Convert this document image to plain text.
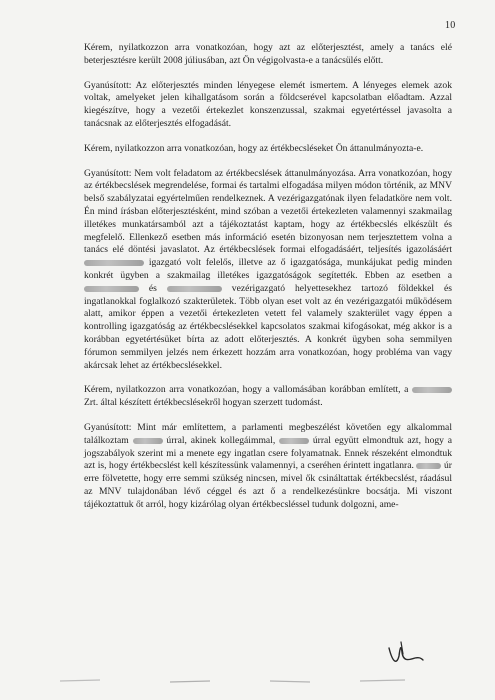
10

Kérem, nyilatkozzon arra vonatkozóan, hogy azt az előterjesztést, amely a tanács elé beterjesztésre került 2008 júliusában, azt Ön végigolvasta-e a tanácsülés előtt.

Gyanúsított: Az előterjesztés minden lényegese elemét ismertem. A lényeges elemek azok voltak, amelyeket jelen kihallgatásom során a földcserével kapcsolatban előadtam. Azzal kiegészítve, hogy a vezetői értekezlet konszenzussal, szakmai egyetértéssel javasolta a tanácsnak az előterjesztés elfogadását.

Kérem, nyilatkozzon arra vonatkozóan, hogy az értékbecsléseket Ön áttanulmányozta-e.

Gyanúsított: Nem volt feladatom az értékbecslések áttanulmányozása. Arra vonatkozóan, hogy az értékbecslések megrendelése, formai és tartalmi elfogadása milyen módon történik, az MNV belső szabályzatai egyértelműen rendelkeznek. A vezérigazgatónak ilyen feladatköre nem volt. Én mind írásban előterjesztésként, mind szóban a vezetői értekezleten valamennyi szakmailag illetékes munkatársamból azt a tájékoztatást kaptam, hogy az értékbecslés elkészült és megfelelő. Ellenkező esetben más információ esetén bizonyosan nem terjesztettem volna a tanács elé döntési javaslatot. Az értékbecslések formai elfogadásáért, teljesítés igazolásáért  igazgató volt felelős, illetve az ő igazgatósága, munkájukat pedig minden konkrét ügyben a szakmailag illetékes igazgatóságok segítették. Ebben az esetben a  és	vezérigazgató helyettesekhez tartozó földekkel és ingatlanokkal foglalkozó szakterületek. Több olyan eset volt az én vezérigazgatói működésem alatt, amikor éppen a vezetői értekezleten vetett fel valamely szakterület vagy éppen a kontrolling igazgatóság az értékbecslésekkel kapcsolatos szakmai kifogásokat, még akkor is a korábban egyetértésüket bírta az adott előterjesztés. A konkrét ügyben soha semmilyen fórumon semmilyen jelzés nem érkezett hozzám arra vonatkozóan, hogy probléma van vagy akárcsak lehet az értékbecslésekkel.

Kérem, nyilatkozzon arra vonatkozóan, hogy a vallomásában korábban említett, a  Zrt. által készített értékbecslésekről hogyan szerzett tudomást.

Gyanúsított: Mint már említettem, a parlamenti megbeszélést követően egy alkalommal találkoztam	úrral, akinek kollegáimmal,	úrral együtt elmondtuk azt, hogy a jogszabályok szerint mi a menete egy ingatlan csere folyamatnak. Ennek részeként elmondtuk azt is, hogy értékbecslést kell készítessünk valamennyi, a cseréhen érintett ingatlanra.	úr erre fölvetette, hogy erre semmi szükség nincsen, mivel ők csináltattak értékbecslést, ráadásul az MNV tulajdonában lévő céggel és azt ő a rendelkezésünkre bocsátja. Mi viszont tájékoztattuk őt arról, hogy kizárólag olyan értékbecsléssel tudunk dolgozni, ame-
